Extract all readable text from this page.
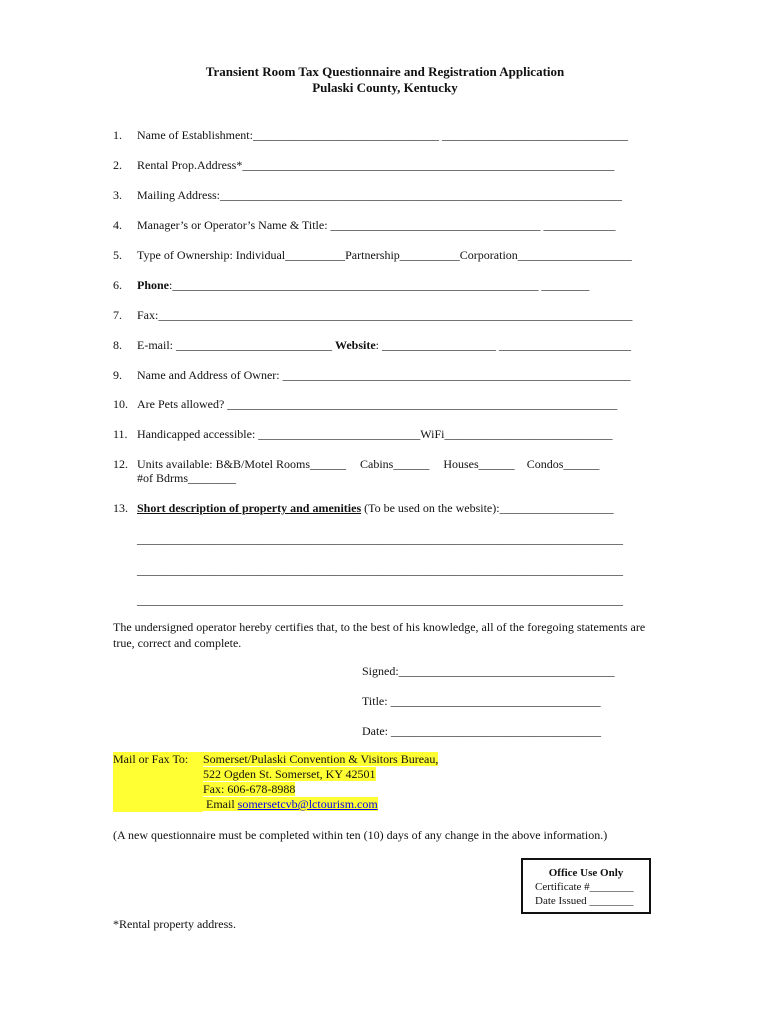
Transient Room Tax Questionnaire and Registration Application
Pulaski County, Kentucky
1. Name of Establishment:_______________________________ _______________________________
2. Rental Prop.Address*______________________________________________________________
3. Mailing Address:___________________________________________________________________
4. Manager’s or Operator’s Name & Title: ___________________________________ ____________
5. Type of Ownership: Individual__________Partnership__________Corporation___________________
6. Phone:_____________________________________________________________ ________
7. Fax:_______________________________________________________________________________
8. E-mail: __________________________ Website: ___________________ ______________________
9. Name and Address of Owner: __________________________________________________________
10. Are Pets allowed? _________________________________________________________________
11. Handicapped accessible: ___________________________WiFi____________________________
12. Units available: B&B/Motel Rooms______ Cabins______ Houses______ Condos______
#of Bdrms________
13. Short description of property and amenities (To be used on the website):___________________
_________________________________________________________________________________
_________________________________________________________________________________
_________________________________________________________________________________
The undersigned operator hereby certifies that, to the best of his knowledge, all of the foregoing statements are true, correct and complete.
Signed:____________________________________
Title: ___________________________________
Date: ___________________________________
Mail or Fax To: Somerset/Pulaski Convention & Visitors Bureau,
522 Ogden St. Somerset, KY 42501
Fax: 606-678-8988
Email somersetcvb@lctourism.com
(A new questionnaire must be completed within ten (10) days of any change in the above information.)
Office Use Only
Certificate #________
Date Issued ________
*Rental property address.
